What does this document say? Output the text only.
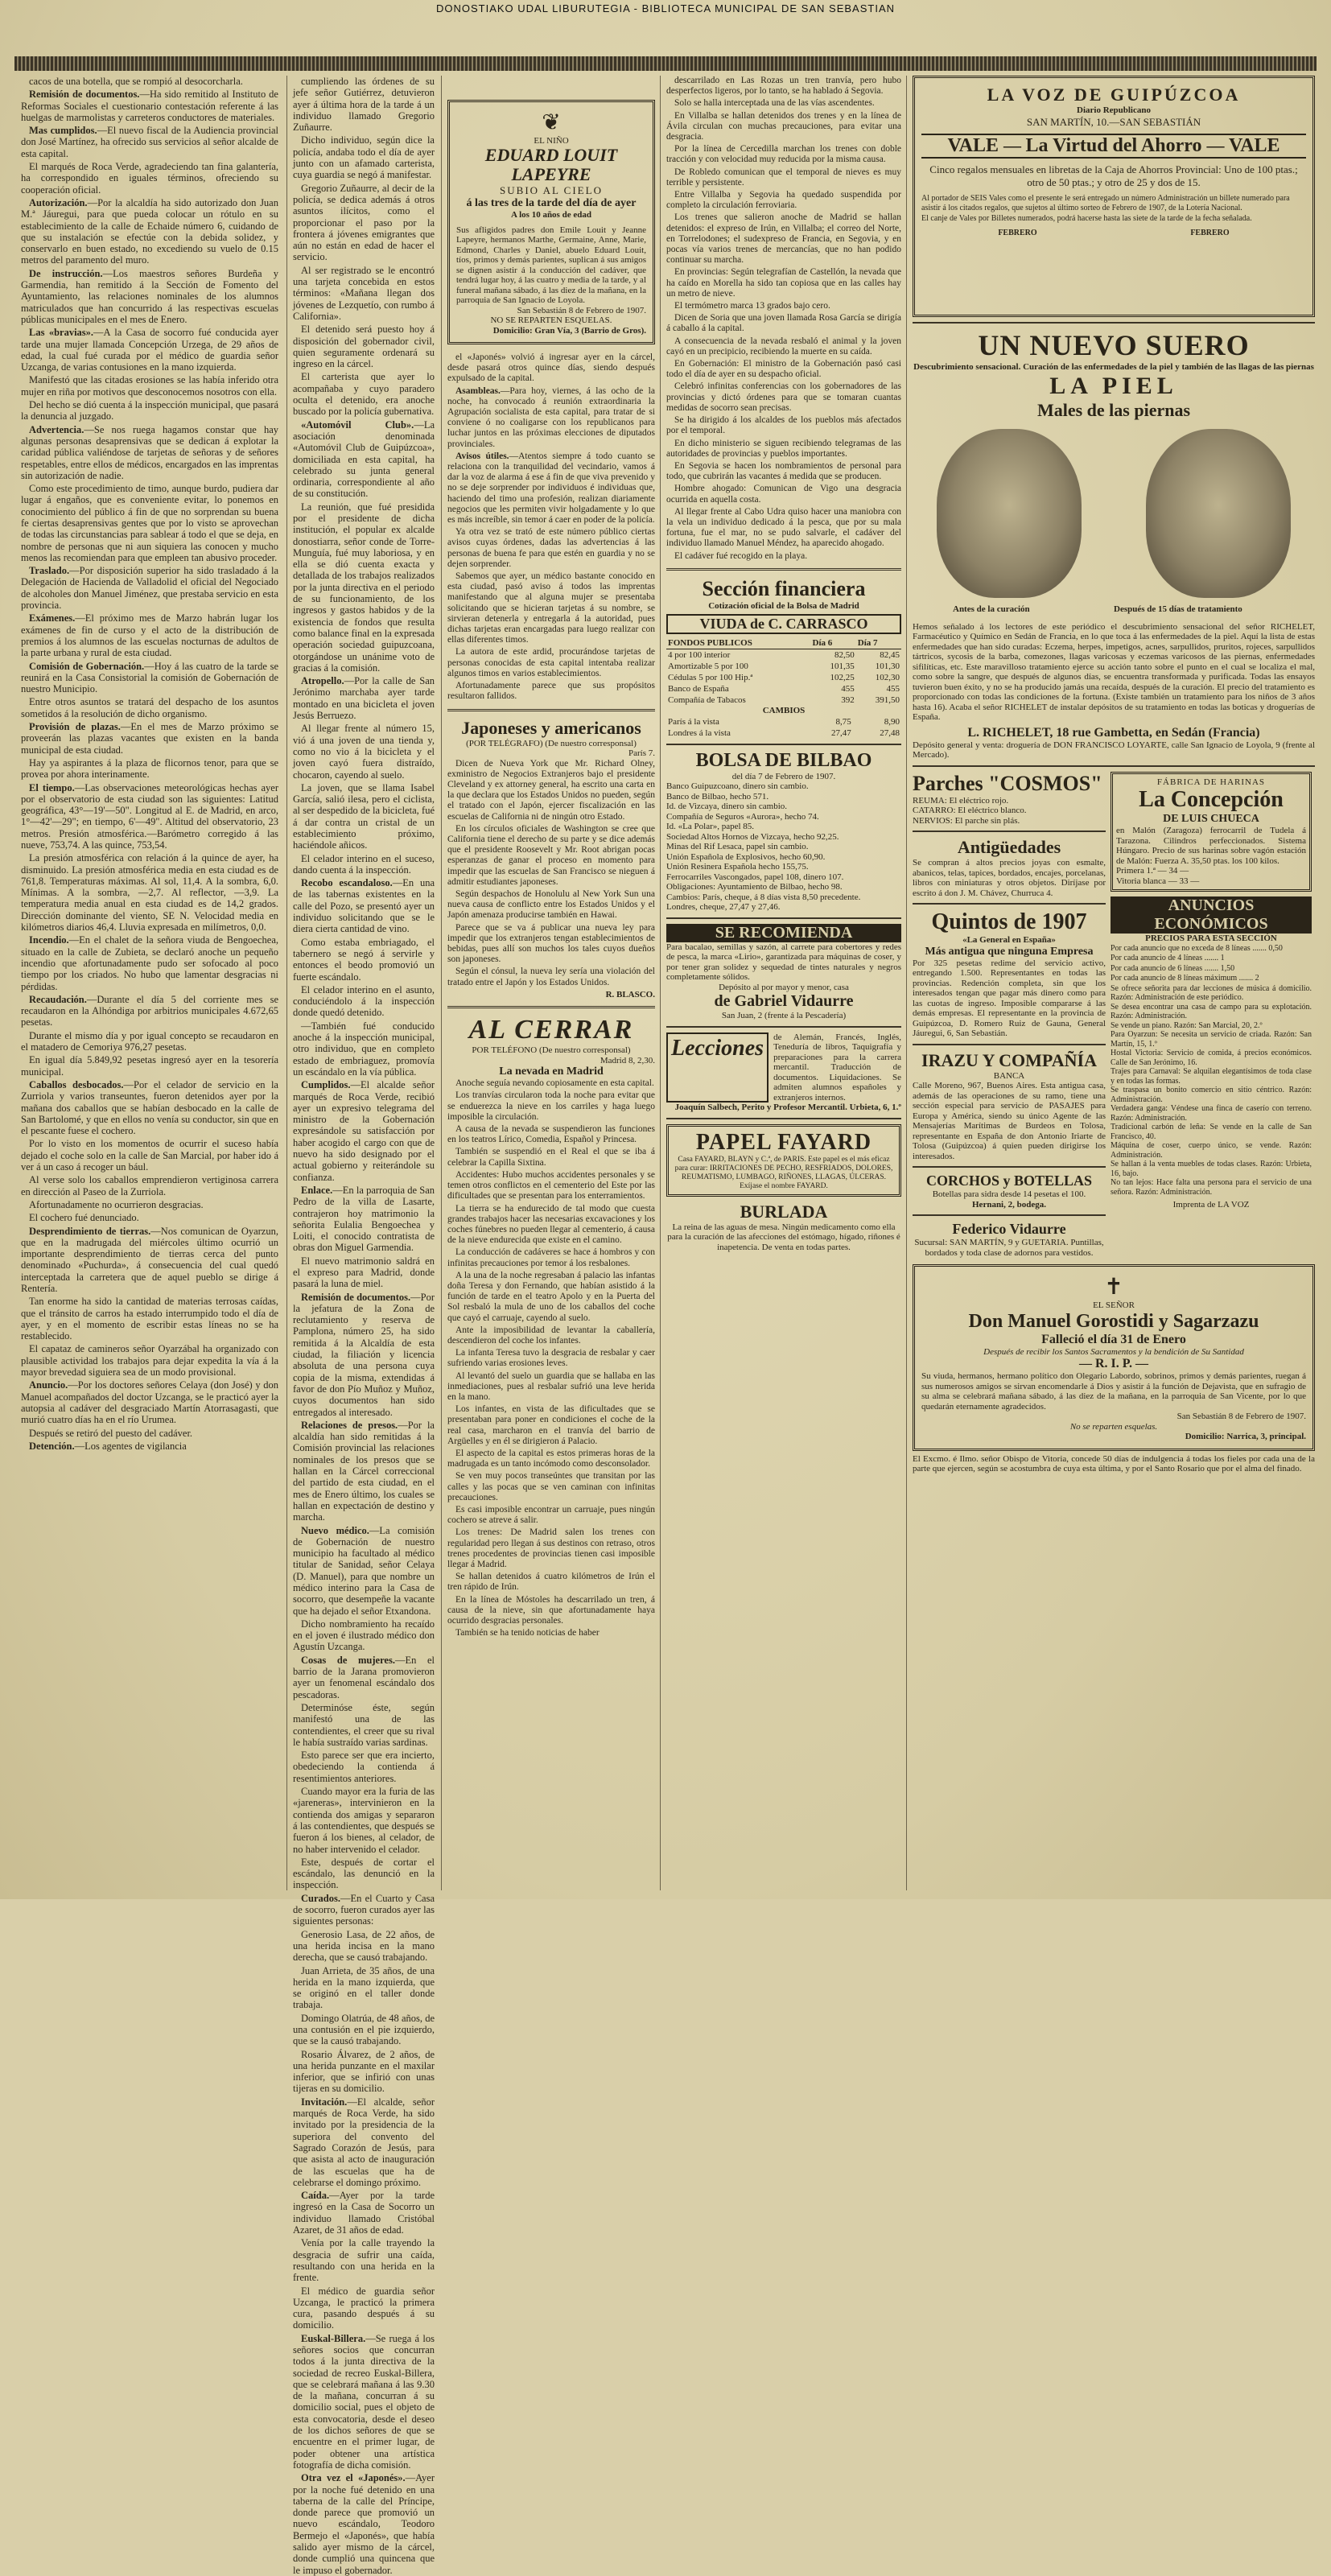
DONOSTIAKO UDAL LIBURUTEGIA - BIBLIOTECA MUNICIPAL DE SAN SEBASTIAN

cacos de una botella, que se rompió al desocorcharla.

Remisión de documentos.—Ha sido remitido al Instituto de Reformas Sociales el cuestionario contestación referente á las huelgas de marmolistas y carreteros conductores de materiales.

Mas cumplidos.—El nuevo fiscal de la Audiencia provincial don José Martínez, ha ofrecido sus servicios al señor alcalde de esta capital.

El marqués de Roca Verde, agradeciendo tan fina galantería, ha correspondido en iguales términos, ofreciendo su cooperación oficial.

Autorización.—Por la alcaldía ha sido autorizado don Juan M.ª Jáuregui, para que pueda colocar un rótulo en su establecimiento de la calle de Echaide número 6, cuidando de que su instalación se efectúe con la debida solidez, y conservarlo en buen estado, no excediendo su vuelo de 0.15 metros del paramento del muro.

De instrucción.—Los maestros señores Burdeña y Garmendia, han remitido á la Sección de Fomento del Ayuntamiento, las relaciones nominales de los alumnos matriculados que han concurrido á las respectivas escuelas públicas municipales en el mes de Enero.

Las «bravias».—A la Casa de socorro fué conducida ayer tarde una mujer llamada Concepción Urzega, de 29 años de edad, la cual fué curada por el médico de guardia señor Uzcanga, de varias contusiones en la mano izquierda.

Manifestó que las citadas erosiones se las había inferido otra mujer en riña por motivos que desconocemos nosotros con ella.

Del hecho se dió cuenta á la inspección municipal, que pasará la denuncia al juzgado.

Advertencia.—Se nos ruega hagamos constar que hay algunas personas desaprensivas que se dedican á explotar la caridad pública valiéndose de tarjetas de señoras y de señores respetables, entre ellos de médicos, encargados en las imprentas sin autorización de nadie.

Como este procedimiento de timo, aunque burdo, pudiera dar lugar á engaños, que es conveniente evitar, lo ponemos en conocimiento del público á fin de que no sorprendan su buena fe ciertas desaprensivas gentes que por lo visto se aprovechan de todas las circunstancias para sablear á todo el que se deja, en nombre de personas que ni aun siquiera las conocen y mucho menos las recomiendan para que empleen tan abusivo proceder.

Traslado.—Por disposición superior ha sido trasladado á la Delegación de Hacienda de Valladolid el oficial del Negociado de alcoholes don Manuel Jiménez, que prestaba servicio en esta provincia.

Exámenes.—El próximo mes de Marzo habrán lugar los exámenes de fin de curso y el acto de la distribución de premios á los alumnos de las escuelas nocturnas de adultos de la parte urbana y rural de esta ciudad.

Comisión de Gobernación.—Hoy á las cuatro de la tarde se reunirá en la Casa Consistorial la comisión de Gobernación de nuestro Municipio.

Entre otros asuntos se tratará del despacho de los asuntos sometidos á la resolución de dicho organismo.

Provisión de plazas.—En el mes de Marzo próximo se proveerán las plazas vacantes que existen en la banda municipal de esta ciudad.

Hay ya aspirantes á la plaza de flicornos tenor, para que se provea por ahora interinamente.

El tiempo.—Las observaciones meteorológicas hechas ayer por el observatorio de esta ciudad son las siguientes: Latitud geográfica, 43°—19'—50". Longitud al E. de Madrid, en arco, 1°—42'—29"; en tiempo, 6'—49". Altitud del observatorio, 23 metros. Presión atmosférica.—Barómetro corregido á las nueve, 753,74. A las quince, 753,54.

La presión atmosférica con relación á la quince de ayer, ha disminuido. La presión atmosférica media en esta ciudad es de 761,8. Temperaturas máximas. Al sol, 11,4. A la sombra, 6,0. Mínimas. A la sombra, —2,7. Al reflector, —3,9. La temperatura media anual en esta ciudad es de 14,2 grados. Dirección dominante del viento, SE N. Velocidad media en kilómetros diarios 46,4. Lluvia expresada en milímetros, 0,0.

Incendio.—En el chalet de la señora viuda de Bengoechea, situado en la calle de Zubieta, se declaró anoche un pequeño incendio que afortunadamente pudo ser sofocado al poco tiempo por los criados. No hubo que lamentar desgracias ni pérdidas.

Recaudación.—Durante el día 5 del corriente mes se recaudaron en la Alhóndiga por arbitrios municipales 4.672,65 pesetas.

Durante el mismo día y por igual concepto se recaudaron en el matadero de Cemoriya 976,27 pesetas.

En igual día 5.849,92 pesetas ingresó ayer en la tesorería municipal.

Caballos desbocados.—Por el celador de servicio en la Zurriola y varios transeuntes, fueron detenidos ayer por la mañana dos caballos que se habían desbocado en la calle de San Bartolomé, y que en ellos no venía su conductor, sin que en el pescante fuese el cochero.

Por lo visto en los momentos de ocurrir el suceso había dejado el coche solo en la calle de San Marcial, por haber ido á ver á un caso á recoger un bául.

Al verse solo los caballos emprendieron vertiginosa carrera en dirección al Paseo de la Zurriola.

Afortunadamente no ocurrieron desgracias.

El cochero fué denunciado.

Desprendimiento de tierras.—Nos comunican de Oyarzun, que en la madrugada del miércoles último ocurrió un importante desprendimiento de tierras cerca del punto denominado «Puchurda», á consecuencia del cual quedó interceptada la carretera que de aquel pueblo se dirige á Rentería.

Tan enorme ha sido la cantidad de materias terrosas caídas, que el tránsito de carros ha estado interrumpido todo el día de ayer, y en el momento de escribir estas líneas no se ha restablecido.

El capataz de camineros señor Oyarzábal ha organizado con plausible actividad los trabajos para dejar expedita la vía á la mayor brevedad siguiera sea de un modo provisional.

Anuncio.—Por los doctores señores Celaya (don José) y don Manuel acompañados del doctor Uzcanga, se le practicó ayer la autopsia al cadáver del desgraciado Martín Atorrasagasti, que murió cuatro días ha en el río Urumea.

Después se retiró del puesto del cadáver.

Detención.—Los agentes de vigilancia

cumpliendo las órdenes de su jefe señor Gutiérrez, detuvieron ayer á última hora de la tarde á un individuo llamado Gregorio Zuñaurre.

Dicho individuo, según dice la policía, andaba todo el día de ayer junto con un afamado carterista, cuya guardia se negó á manifestar.

Gregorio Zuñaurre, al decir de la policía, se dedica además á otros asuntos ilícitos, como el proporcionar el paso por la frontera á jóvenes emigrantes que aún no están en edad de hacer el servicio.

Al ser registrado se le encontró una tarjeta concebida en estos términos: «Mañana llegan dos jóvenes de Lezquetío, con rumbo á California».

El detenido será puesto hoy á disposición del gobernador civil, quien seguramente ordenará su ingreso en la cárcel.

El carterista que ayer lo acompañaba y cuyo paradero oculta el detenido, era anoche buscado por la policía gubernativa.

«Automóvil Club».—La asociación denominada «Automóvil Club de Guipúzcoa», domiciliada en esta capital, ha celebrado su junta general ordinaria, correspondiente al año de su constitución.

La reunión, que fué presidida por el presidente de dicha institución, el popular ex alcalde donostiarra, señor conde de Torre-Munguía, fué muy laboriosa, y en ella se dió cuenta exacta y detallada de los trabajos realizados por la junta directiva en el periodo de su funcionamiento, de los ingresos y gastos habidos y de la existencia de fondos que resulta como balance final en la expresada operación sociedad guipuzcoana, otorgándose un unánime voto de gracias á la comisión.

Atropello.—Por la calle de San Jerónimo marchaba ayer tarde montado en una bicicleta el joven Jesús Berruezo.

Al llegar frente al número 15, vió á una joven de una tienda y, como no vio á la bicicleta y el joven cayó fuera distraído, chocaron, cayendo al suelo.

La joven, que se llama Isabel García, salió ilesa, pero el ciclista, al ser despedido de la bicicleta, fué á dar contra un cristal de un establecimiento próximo, haciéndole añicos.

El celador interino en el suceso, dando cuenta á la inspección.

Recobo escandaloso.—En una de las tabernas existentes en la calle del Pozo, se presentó ayer un individuo solicitando que se le diera cierta cantidad de vino.

Como estaba embriagado, el tabernero se negó á servirle y entonces el beodo promovió un fuerte escándalo.

El celador interino en el asunto, conduciéndolo á la inspección donde quedó detenido.

—También fué conducido anoche á la inspección municipal, otro individuo, que en completo estado de embriaguez, promovía un escándalo en la vía pública.

Cumplidos.—El alcalde señor marqués de Roca Verde, recibió ayer un expresivo telegrama del ministro de la Gobernación expresándole su satisfacción por haber acogido el cargo con que de nuevo ha sido designado por el actual gobierno y reiterándole su confianza.

Enlace.—En la parroquia de San Pedro de la villa de Lasarte, contrajeron hoy matrimonio la señorita Eulalia Bengoechea y Loiti, el conocido contratista de obras don Miguel Garmendia.

El nuevo matrimonio saldrá en el expreso para Madrid, donde pasará la luna de miel.

Remisión de documentos.—Por la jefatura de la Zona de reclutamiento y reserva de Pamplona, número 25, ha sido remitida á la Alcaldía de esta ciudad, la filiación y licencia absoluta de una persona cuya copia de la misma, extendidas á favor de don Pío Muñoz y Muñoz, cuyos documentos han sido entregados al interesado.

Relaciones de presos.—Por la alcaldía han sido remitidas á la Comisión provincial las relaciones nominales de los presos que se hallan en la Cárcel correccional del partido de esta ciudad, en el mes de Enero último, los cuales se hallan en expectación de destino y marcha.

Nuevo médico.—La comisión de Gobernación de nuestro municipio ha facultado al médico titular de Sanidad, señor Celaya (D. Manuel), para que nombre un médico interino para la Casa de socorro, que desempeñe la vacante que ha dejado el señor Etxandona.

Dicho nombramiento ha recaído en el joven é ilustrado médico don Agustín Uzcanga.

Cosas de mujeres.—En el barrio de la Jarana promovieron ayer un fenomenal escándalo dos pescadoras.

Determinóse éste, según manifestó una de las contendientes, el creer que su rival le había sustraído varias sardinas.

Esto parece ser que era incierto, obedeciendo la contienda á resentimientos anteriores.

Cuando mayor era la furia de las «jareneras», intervinieron en la contienda dos amigas y separaron á las contendientes, que después se fueron á los bienes, al celador, de no haber intervenido el celador.

Este, después de cortar el escándalo, las denunció en la inspección.

Curados.—En el Cuarto y Casa de socorro, fueron curados ayer las siguientes personas:

Generosio Lasa, de 22 años, de una herida incisa en la mano derecha, que se causó trabajando.

Juan Arrieta, de 35 años, de una herida en la mano izquierda, que se originó en el taller donde trabaja.

Domingo Olatrúa, de 48 años, de una contusión en el pie izquierdo, que se la causó trabajando.

Rosario Álvarez, de 2 años, de una herida punzante en el maxilar inferior, que se infirió con unas tijeras en su domicilio.

Invitación.—El alcalde, señor marqués de Roca Verde, ha sido invitado por la presidencia de la superiora del convento del Sagrado Corazón de Jesús, para que asista al acto de inauguración de las escuelas que ha de celebrarse el domingo próximo.

Caída.—Ayer por la tarde ingresó en la Casa de Socorro un individuo llamado Cristóbal Azaret, de 31 años de edad.

Venía por la calle trayendo la desgracia de sufrir una caída, resultando con una herida en la frente.

El médico de guardia señor Uzcanga, le practicó la primera cura, pasando después á su domicilio.

Euskal-Billera.—Se ruega á los señores socios que concurran todos á la junta directiva de la sociedad de recreo Euskal-Billera, que se celebrará mañana á las 9.30 de la mañana, concurran á su domicilio social, pues el objeto de esta convocatoria, desde el deseo de los dichos señores de que se encuentre en el primer lugar, de poder obtener una artística fotografía de dicha comisión.

Otra vez el «Japonés».—Ayer por la noche fué detenido en una taberna de la calle del Príncipe, donde parece que promovió un nuevo escándalo, Teodoro Bermejo el «Japonés», que había salido ayer mismo de la cárcel, donde cumplió una quincena que le impuso el gobernador.

❦
EL NIÑO
EDUARD LOUIT LAPEYRE
SUBIO AL CIELO
á las tres de la tarde del día de ayer
A los 10 años de edad
Sus afligidos padres don Emile Louit y Jeanne Lapeyre, hermanos Marthe, Germaine, Anne, Marie, Edmond, Charles y Daniel, abuelo Eduard Louit, tíos, primos y demás parientes, suplican á sus amigos se dignen asistir á la conducción del cadáver, que tendrá lugar hoy, á las cuatro y media de la tarde, y al funeral mañana sábado, á las diez de la mañana, en la parroquia de San Ignacio de Loyola.
San Sebastián 8 de Febrero de 1907.
NO SE REPARTEN ESQUELAS.
Domicilio: Gran Vía, 3 (Barrio de Gros).

el «Japonés» volvió á ingresar ayer en la cárcel, desde pasará otros quince días, siendo después expulsado de la capital.

Asambleas.—Para hoy, viernes, á las ocho de la noche, ha convocado á reunión extraordinaria la Agrupación socialista de esta capital, para tratar de si conviene ó no coaligarse con los republicanos para luchar juntos en las próximas elecciones de diputados provinciales.

Avisos útiles.—Atentos siempre á todo cuanto se relaciona con la tranquilidad del vecindario, vamos á dar la voz de alarma á ese á fin de que viva prevenido y no se deje sorprender por individuos é individuas que, haciendo del timo una profesión, realizan diariamente negocios que les permiten vivir holgadamente y lo que es más increíble, sin temor á caer en poder de la policía.

Ya otra vez se trató de este número público ciertas avisos cuyas órdenes, dadas las advertencias á las personas de buena fe para que estén en guardia y no se dejen sorprender.

Sabemos que ayer, un médico bastante conocido en esta ciudad, pasó aviso á todos las imprentas manifestando que al alguna mujer se presentaba solicitando que se hicieran tarjetas á su nombre, se sirvieran detenerla y entregarla á la autoridad, pues dichas tarjetas eran encargadas para luego realizar con ellas diferentes timos.

La autora de este ardid, procurándose tarjetas de personas conocidas de esta capital intentaba realizar algunos timos en varios establecimientos.

Afortunadamente parece que sus propósitos resultaron fallidos.

Japoneses y americanos
(POR TELÉGRAFO) (De nuestro corresponsal)
París 7.

Dicen de Nueva York que Mr. Richard Olney, exministro de Negocios Extranjeros bajo el presidente Cleveland y ex attorney general, ha escrito una carta en la que declara que los Estados Unidos no pueden, según el tratado con el Japón, ejercer fiscalización en las escuelas de California ni de ningún otro Estado.

En los círculos oficiales de Washington se cree que California tiene el derecho de su parte y se dice además que el presidente Roosevelt y Mr. Root abrigan pocas esperanzas de ganar el proceso en momento para impedir que las escuelas de San Francisco se nieguen á admitir estudiantes japoneses.

Según despachos de Honolulu al New York Sun una nueva causa de conflicto entre los Estados Unidos y el Japón amenaza producirse también en Hawai.

Parece que se va á publicar una nueva ley para impedir que los extranjeros tengan establecimientos de bebidas, pues allí son muchos los tales cuyos dueños son japoneses.

Según el cónsul, la nueva ley sería una violación del tratado entre el Japón y los Estados Unidos.

R. BLASCO.
AL CERRAR
POR TELÉFONO (De nuestro corresponsal)
Madrid 8, 2,30.
La nevada en Madrid

Anoche seguía nevando copiosamente en esta capital.

Los tranvías circularon toda la noche para evitar que se enduerezca la nieve en los carriles y haga luego imposible la circulación.

A causa de la nevada se suspendieron las funciones en los teatros Lírico, Comedia, Español y Princesa.

También se suspendió en el Real el que se iba á celebrar la Capilla Sixtina.

Accidentes: Hubo muchos accidentes personales y se temen otros conflictos en el cementerio del Este por las dificultades que se presentan para los enterramientos.

La tierra se ha endurecido de tal modo que cuesta grandes trabajos hacer las necesarias excavaciones y los coches fúnebres no pueden llegar al cementerio, á causa de la nieve endurecida que existe en el camino.

La conducción de cadáveres se hace á hombros y con infinitas precauciones por temor á los resbalones.

A la una de la noche regresaban á palacio las infantas doña Teresa y don Fernando, que habían asistido á la función de tarde en el teatro Apolo y en la Puerta del Sol resbaló la mula de uno de los caballos del coche que cayó el carruaje, cayendo al suelo.

Ante la imposibilidad de levantar la caballería, descendieron del coche los infantes.

La infanta Teresa tuvo la desgracia de resbalar y caer sufriendo varias erosiones leves.

Al levantó del suelo un guardia que se hallaba en las inmediaciones, pues al resbalar sufrió una leve herida en la mano.

Los infantes, en vista de las dificultades que se presentaban para poner en condiciones el coche de la real casa, marcharon en el tranvía del barrio de Argüelles y en él se dirigieron á Palacio.

El aspecto de la capital es estos primeras horas de la madrugada es un tanto incómodo como desconsolador.

Se ven muy pocos transeúntes que transitan por las calles y las pocas que se ven caminan con infinitas precauciones.

Es casi imposible encontrar un carruaje, pues ningún cochero se atreve á salir.

Los trenes: De Madrid salen los trenes con regularidad pero llegan á sus destinos con retraso, otros trenes procedentes de provincias tienen casi imposible llegar á Madrid.

Se hallan detenidos á cuatro kilómetros de Irún el tren rápido de Irún.

En la línea de Móstoles ha descarrilado un tren, á causa de la nieve, sin que afortunadamente haya ocurrido desgracias personales.

También se ha tenido noticias de haber

descarrilado en Las Rozas un tren tranvía, pero hubo desperfectos ligeros, por lo tanto, se ha hablado á Segovia.

Solo se halla interceptada una de las vías ascendentes.

En Villalba se hallan detenidos dos trenes y en la línea de Ávila circulan con muchas precauciones, para evitar una desgracia.

Por la línea de Cercedilla marchan los trenes con doble tracción y con velocidad muy reducida por la misma causa.

De Robledo comunican que el temporal de nieves es muy terrible y persistente.

Entre Villalba y Segovia ha quedado suspendida por completo la circulación ferroviaria.

Los trenes que salieron anoche de Madrid se hallan detenidos: el expreso de Irún, en Villalba; el correo del Norte, en Torrelodones; el sudexpreso de Francia, en Segovia, y en pocas vía varios trenes de mercancías, que no han podido continuar su marcha.

En provincias: Según telegrafían de Castellón, la nevada que ha caído en Morella ha sido tan copiosa que en las calles hay un metro de nieve.

El termómetro marca 13 grados bajo cero.

Dicen de Soria que una joven llamada Rosa García se dirigía á caballo á la capital.

A consecuencia de la nevada resbaló el animal y la joven cayó en un precipicio, recibiendo la muerte en su caída.

En Gobernación: El ministro de la Gobernación pasó casi todo el día de ayer en su despacho oficial.

Celebró infinitas conferencias con los gobernadores de las provincias y dictó órdenes para que se tomaran cuantas medidas de socorro sean precisas.

Se ha dirigido á los alcaldes de los pueblos más afectados por el temporal.

En dicho ministerio se siguen recibiendo telegramas de las autoridades de provincias y pueblos importantes.

En Segovia se hacen los nombramientos de personal para todo, que cubrirán las vacantes á medida que se producen.

Hombre ahogado: Comunican de Vigo una desgracia ocurrida en aquella costa.

Al llegar frente al Cabo Udra quiso hacer una maniobra con la vela un individuo dedicado á la pesca, que por su mala fortuna, fue el mar, no se pudo salvarle, el cadáver del individuo llamado Manuel Méndez, ha aparecido ahogado.

El cadáver fué recogido en la playa.

Sección financiera
Cotización oficial de la Bolsa de Madrid
VIUDA de C. CARRASCO
FONDOS PUBLICOS	Día 6	Día 7
4 por 100 interior	82,50	82,45
Amortizable 5 por 100	101,35	101,30
Cédulas 5 por 100 Hip.ª	102,25	102,30
Banco de España	455	455
Compañía de Tabacos	392	391,50
CAMBIOS
París á la vista	8,75	8,90
Londres á la vista	27,47	27,48
BOLSA DE BILBAO
del día 7 de Febrero de 1907.
Banco Guipuzcoano, dinero sin cambio.
Banco de Bilbao, hecho 571.
Id. de Vizcaya, dinero sin cambio.
Compañía de Seguros «Aurora», hecho 74.
Id. «La Polar», papel 85.
Sociedad Altos Hornos de Vizcaya, hecho 92,25.
Minas del Rif Lesaca, papel sin cambio.
Unión Española de Explosivos, hecho 60,90.
Unión Resinera Española hecho 155,75.
Ferrocarriles Vascongados, papel 108, dinero 107.
Obligaciones: Ayuntamiento de Bilbao, hecho 98.
Cambios: París, cheque, á 8 días vista 8,50 precedente.
Londres, cheque, 27,47 y 27,46.
SE RECOMIENDA
Para bacalao, semillas y sazón, al carrete para cobertores y redes de pesca, la marca «Lirio», garantizada para máquinas de coser, y por tener gran solidez y sequedad de tintes naturales y negros completamente sólidos.
Depósito al por mayor y menor, casa
de Gabriel Vidaurre
San Juan, 2 (frente á la Pescadería)
Lecciones	de Alemán, Francés, Inglés, Teneduría de libros, Taquigrafía y preparaciones para la carrera mercantil. Traducción de documentos. Liquidaciones. Se admiten alumnos españoles y extranjeros internos.
Joaquín Salbech, Perito y Profesor Mercantil. Urbieta, 6, 1.º
PAPEL FAYARD
Casa FAYARD, BLAYN y C.ª, de PARIS. Este papel es el más eficaz para curar: IRRITACIONES DE PECHO, RESFRIADOS, DOLORES, REUMATISMO, LUMBAGO, RIÑONES, LLAGAS, ÚLCERAS. Exíjase el nombre FAYARD.
BURLADA
La reina de las aguas de mesa. Ningún medicamento como ella para la curación de las afecciones del estómago, hígado, riñones é inapetencia. De venta en todas partes.
LA VOZ DE GUIPÚZCOA
Diario Republicano
SAN MARTÍN, 10.—SAN SEBASTIÁN
VALE — La Virtud del Ahorro — VALE
Cinco regalos mensuales en libretas de la Caja de Ahorros Provincial: Uno de 100 ptas.; otro de 50 ptas.; y otro de 25 y dos de 15.
Al portador de SEIS Vales como el presente le será entregado un número Administración un billete numerado para asistir á los citados regalos, que sujetos al último sorteo de Febrero de 1907, de la Lotería Nacional.
El canje de Vales por Billetes numerados, podrá hacerse hasta las siete de la tarde de la fecha señalada.
FEBRERO	FEBRERO
UN NUEVO SUERO
Descubrimiento sensacional. Curación de las enfermedades de la piel y también de las llagas de las piernas
LA PIEL
Males de las piernas
Antes de la curación	Después de 15 días de tratamiento
Hemos señalado á los lectores de este periódico el descubrimiento sensacional del señor RICHELET, Farmacéutico y Químico en Sedán de Francia, en lo que toca á las enfermedades de la piel. Aquí la lista de estas enfermedades que han sido curadas: Eczema, herpes, impetigos, acnes, sarpullidos, pruritos, rojeces, sarpullidos tártricos, sycosis de la barba, comezones, llagas varicosas y eczemas varicosos de las piernas, enfermedades sifilíticas, etc. Este maravilloso tratamiento ejerce su acción tanto sobre el punto en el cual se localiza el mal, como sobre la sangre, que después de algunos días, se encuentra transformada y purificada. Todas las ensayos tuvieron buen éxito, y no se ha producido jamás una recaída, después de la curación. El precio del tratamiento es proporcionado con todas las condiciones de la fortuna. (Existe también un tratamiento para los niños de 3 años hasta 16). Acaba el señor RICHELET de instalar depósitos de su tratamiento en todas las boticas y droguerías de España.
L. RICHELET, 18 rue Gambetta, en Sedán (Francia)
Depósito general y venta: droguería de DON FRANCISCO LOYARTE, calle San Ignacio de Loyola, 9 (frente al Mercado).
Parches "COSMOS"
REUMA: El eléctrico rojo.
CATARRO: El eléctrico blanco.
NERVIOS: El parche sin plás.
Antigüedades
Se compran á altos precios joyas con esmalte, abanicos, telas, tapices, bordados, encajes, porcelanas, libros con miniaturas y otros objetos. Diríjase por escrito á don J. M. Chávez, Churruca 4.
Quintos de 1907
«La General en España»
Más antigua que ninguna Empresa
Por 325 pesetas redime del servicio activo, entregando 1.500. Representantes en todas las provincias. Redención completa, sin que los interesados tengan que pagar más dinero como para las cuotas de ingreso. Imposible compararse á las demás empresas. El representante en la provincia de Guipúzcoa, D. Romero Ruiz de Gauna, General Jáuregui, 6, San Sebastián.
IRAZU Y COMPAÑÍA
BANCA
Calle Moreno, 967, Buenos Aires. Esta antigua casa, además de las operaciones de su ramo, tiene una sección especial para servicio de PASAJES para Europa y América, siendo su único Agente de las Mensajerías Marítimas de Burdeos en Tolosa, representante en España de don Antonio Iriarte de Tolosa (Guipúzcoa) á quien pueden dirigirse los interesados.
CORCHOS y BOTELLAS
Botellas para sidra desde 14 pesetas el 100.
Hernani, 2, bodega.
Federico Vidaurre
Sucursal: SAN MARTÍN, 9 y GUETARIA. Puntillas, bordados y toda clase de adornos para vestidos.
FÁBRICA DE HARINAS
La Concepción
DE LUIS CHUECA
en Malón (Zaragoza) ferrocarril de Tudela á Tarazona. Cilindros perfeccionados. Sistema Húngaro. Precio de sus harinas sobre vagón estación de Malón: Fuerza A. 35,50 ptas. los 100 kilos.
Primera 1.ª — 34 —
Vitoria blanca — 33 —
ANUNCIOS ECONÓMICOS
PRECIOS PARA ESTA SECCIÓN
Por cada anuncio que no exceda de 8 líneas ....... 0,50
Por cada anuncio de 4 líneas ....... 1
Por cada anuncio de 6 líneas ....... 1,50
Por cada anuncio de 8 líneas máximum ....... 2
Se ofrece señorita para dar lecciones de música á domicilio. Razón: Administración de este periódico.
Se desea encontrar una casa de campo para su explotación. Razón: Administración.
Se vende un piano. Razón: San Marcial, 20, 2.º
Para Oyarzun: Se necesita un servicio de criada. Razón: San Martín, 15, 1.º
Hostal Victoria: Servicio de comida, á precios económicos. Calle de San Jerónimo, 16.
Trajes para Carnaval: Se alquilan elegantísimos de toda clase y en todas las formas.
Se traspasa un bonito comercio en sitio céntrico. Razón: Administración.
Verdadera ganga: Véndese una finca de caserío con terreno. Razón: Administración.
Tradicional carbón de leña: Se vende en la calle de San Francisco, 40.
Máquina de coser, cuerpo único, se vende. Razón: Administración.
Se hallan á la venta muebles de todas clases. Razón: Urbieta, 16, bajo.
No tan lejos: Hace falta una persona para el servicio de una señora. Razón: Administración.
Imprenta de LA VOZ
✝
EL SEÑOR
Don Manuel Gorostidi y Sagarzazu
Falleció el día 31 de Enero
Después de recibir los Santos Sacramentos y la bendición de Su Santidad
— R. I. P. —
Su viuda, hermanos, hermano político don Olegario Labordo, sobrinos, primos y demás parientes, ruegan á sus numerosos amigos se sirvan encomendarle á Dios y asistir á la función de Dejavista, que en sufragio de su alma se celebrará mañana sábado, á las diez de la mañana, en la parroquia de San Vicente, por lo que quedarán eternamente agradecidos.
San Sebastián 8 de Febrero de 1907.
No se reparten esquelas.
Domicilio: Narrica, 3, principal.
El Excmo. é Ilmo. señor Obispo de Vitoria, concede 50 días de indulgencia á todas los fieles por cada una de la parte que ejercen, según se acostumbra de cuya esta última, y por el Santo Rosario que por el alma del finado.
